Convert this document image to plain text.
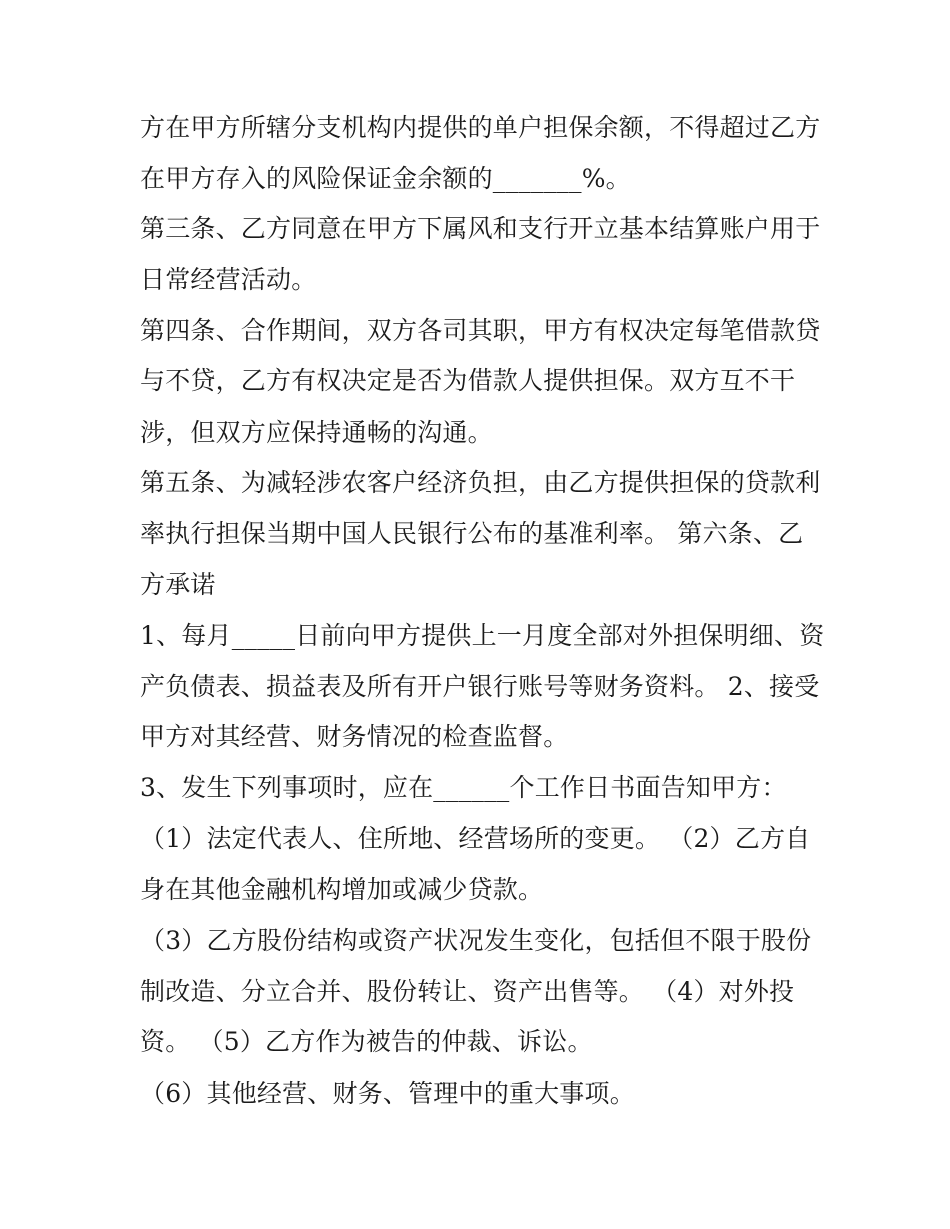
方在甲方所辖分支机构内提供的单户担保余额，不得超过乙方
在甲方存入的风险保证金余额的_______%。
第三条、乙方同意在甲方下属风和支行开立基本结算账户用于
日常经营活动。
第四条、合作期间，双方各司其职，甲方有权决定每笔借款贷
与不贷，乙方有权决定是否为借款人提供担保。双方互不干
涉，但双方应保持通畅的沟通。
第五条、为减轻涉农客户经济负担，由乙方提供担保的贷款利
率执行担保当期中国人民银行公布的基准利率。 第六条、乙
方承诺
1、每月_____日前向甲方提供上一月度全部对外担保明细、资
产负债表、损益表及所有开户银行账号等财务资料。 2、接受
甲方对其经营、财务情况的检查监督。
3、发生下列事项时，应在______个工作日书面告知甲方：
（1）法定代表人、住所地、经营场所的变更。 （2）乙方自
身在其他金融机构增加或减少贷款。
（3）乙方股份结构或资产状况发生变化，包括但不限于股份
制改造、分立合并、股份转让、资产出售等。 （4）对外投
资。 （5）乙方作为被告的仲裁、诉讼。
（6）其他经营、财务、管理中的重大事项。
